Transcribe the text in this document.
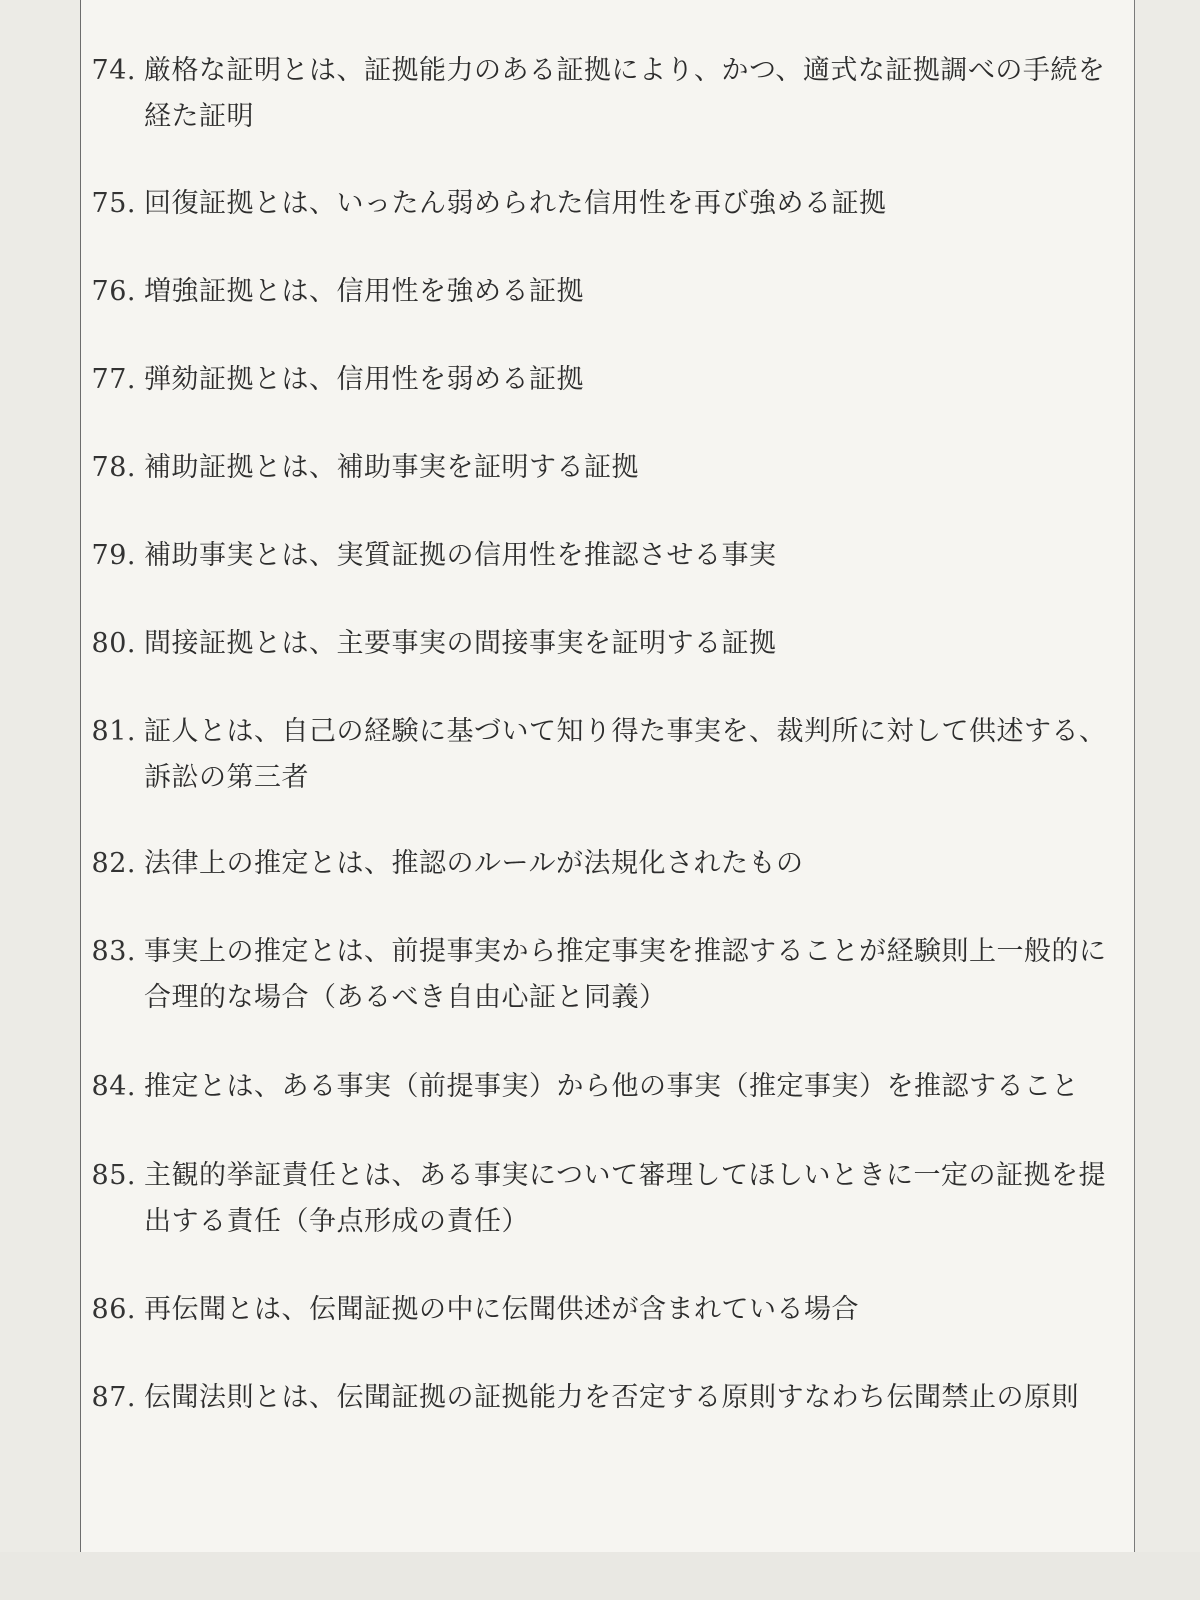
74. 厳格な証明とは、証拠能力のある証拠により、かつ、適式な証拠調べの手続を経た証明
75. 回復証拠とは、いったん弱められた信用性を再び強める証拠
76. 増強証拠とは、信用性を強める証拠
77. 弾劾証拠とは、信用性を弱める証拠
78. 補助証拠とは、補助事実を証明する証拠
79. 補助事実とは、実質証拠の信用性を推認させる事実
80. 間接証拠とは、主要事実の間接事実を証明する証拠
81. 証人とは、自己の経験に基づいて知り得た事実を、裁判所に対して供述する、訴訟の第三者
82. 法律上の推定とは、推認のルールが法規化されたもの
83. 事実上の推定とは、前提事実から推定事実を推認することが経験則上一般的に合理的な場合（あるべき自由心証と同義）
84. 推定とは、ある事実（前提事実）から他の事実（推定事実）を推認すること
85. 主観的挙証責任とは、ある事実について審理してほしいときに一定の証拠を提出する責任（争点形成の責任）
86. 再伝聞とは、伝聞証拠の中に伝聞供述が含まれている場合
87. 伝聞法則とは、伝聞証拠の証拠能力を否定する原則すなわち伝聞禁止の原則
